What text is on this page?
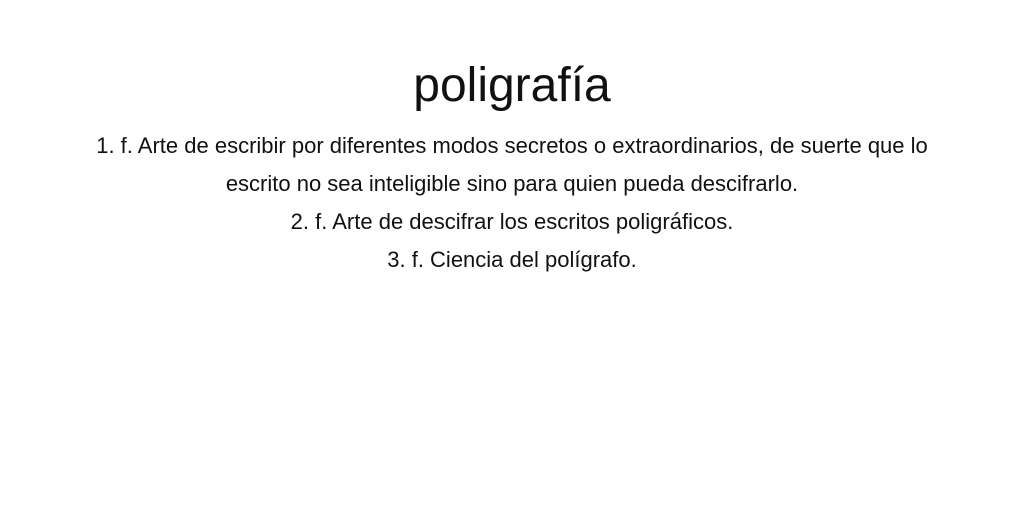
poligrafía
1. f. Arte de escribir por diferentes modos secretos o extraordinarios, de suerte que lo escrito no sea inteligible sino para quien pueda descifrarlo.
2. f. Arte de descifrar los escritos poligráficos.
3. f. Ciencia del polígrafo.
